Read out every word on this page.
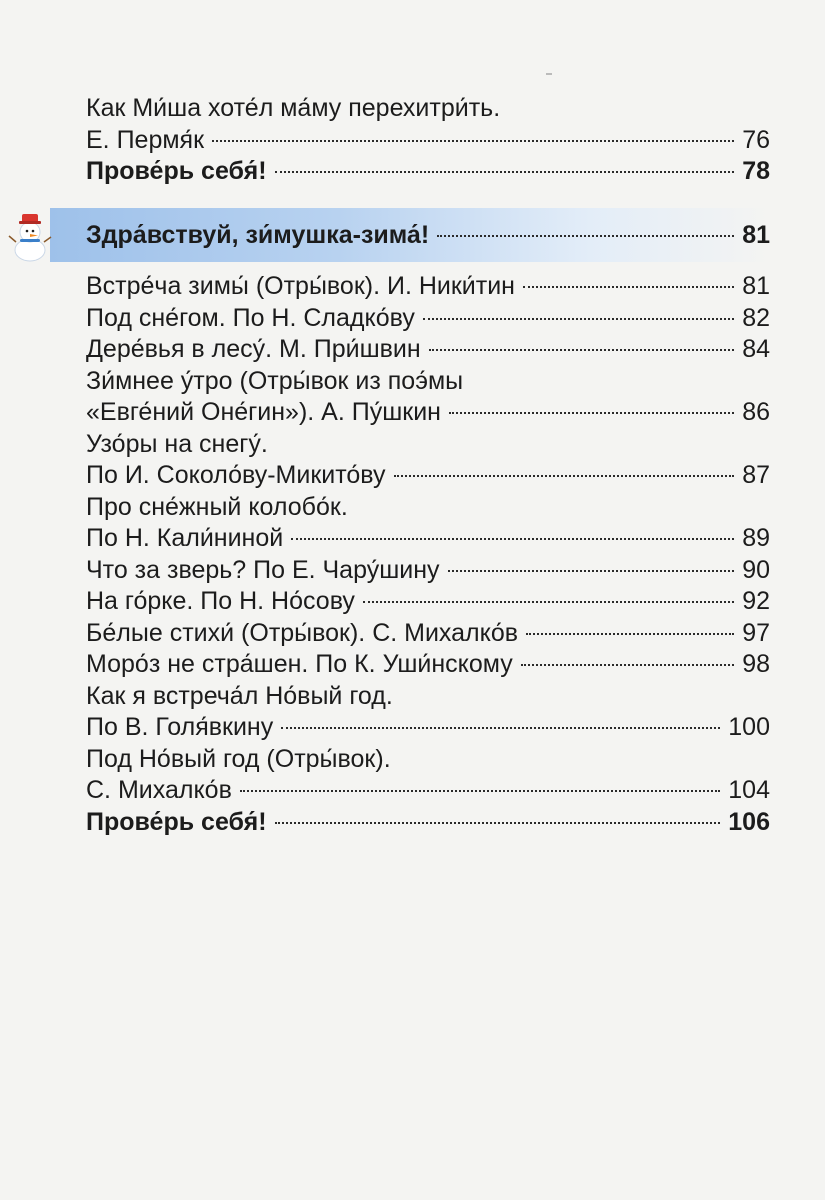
Как Ми́ша хоте́л ма́му перехитри́ть.
Е. Пермя́к	76
Прове́рь себя́!	78
Здра́вствуй, зи́мушка-зима́!	81
Встре́ча зимы́ (Отры́вок). И. Ники́тин	81
Под сне́гом. По Н. Сладко́ву	82
Дере́вья в лесу́. М. При́швин	84
Зи́мнее у́тро (Отры́вок из поэ́мы
«Евге́ний Оне́гин»). А. Пу́шкин	86
Узо́ры на снегу́.
По И. Соколо́ву-Микито́ву	87
Про сне́жный колобо́к.
По Н. Кали́ниной	89
Что за зверь? По Е. Чару́шину	90
На го́рке. По Н. Но́сову	92
Бе́лые стихи́ (Отры́вок). С. Михалко́в	97
Моро́з не стра́шен. По К. Уши́нскому	98
Как я встреча́л Но́вый год.
По В. Голя́вкину	100
Под Но́вый год (Отры́вок).
С. Михалко́в	104
Прове́рь себя́!	106
